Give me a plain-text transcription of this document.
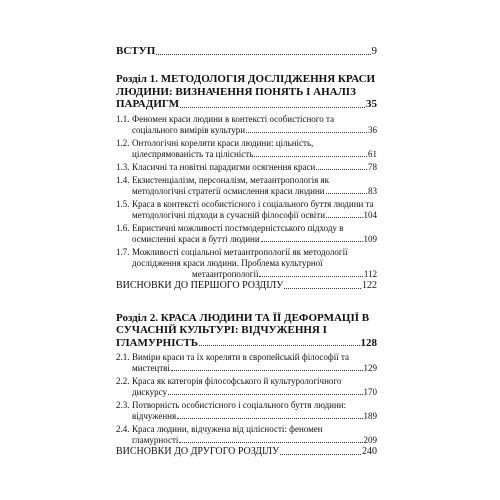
ВСТУП	9
Розділ 1. МЕТОДОЛОГІЯ ДОСЛІДЖЕННЯ КРАСИ
ЛЮДИНИ: ВИЗНАЧЕННЯ ПОНЯТЬ І АНАЛІЗ
ПАРАДИГМ	35
1.1. Феномен краси людини в контексті особистісного та
соціального вимірів культури	36
1.2. Онтологічні кореляти краси людини: цільність,
цілеспрямованість та цілісність	61
1.3. Класичні та новітні парадигми осягнення краси	78
1.4. Екзистенціалізм, персоналізм, метаантропологія як
методологічні стратегії осмислення краси людини	83
1.5. Краса в контексті особистісного і соціального буття людини та
методологічні підходи в сучасній філософії освіти	104
1.6. Евристичні можливості постмодерністського підходу в
осмисленні краси в бутті людини	109
1.7. Можливості соціальної метаантропології як методології
дослідження краси людини. Проблема культурної
метаантропології	112
ВИСНОВКИ ДО ПЕРШОГО РОЗДІЛУ	122
Розділ 2. КРАСА ЛЮДИНИ ТА ЇЇ ДЕФОРМАЦІЇ В
СУЧАСНІЙ КУЛЬТУРІ: ВІДЧУЖЕННЯ І
ГЛАМУРНІСТЬ	128
2.1. Виміри краси та їх кореляти в європейській філософії та
мистецтві	129
2.2. Краса як категорія філософського й культурологічного
дискурсу	170
2.3. Потворність особистісного і соціального буття людини:
відчуження	189
2.4. Краса людини, відчужена від цілісності: феномен
гламурності	209
ВИСНОВКИ ДО ДРУГОГО РОЗДІЛУ	240
